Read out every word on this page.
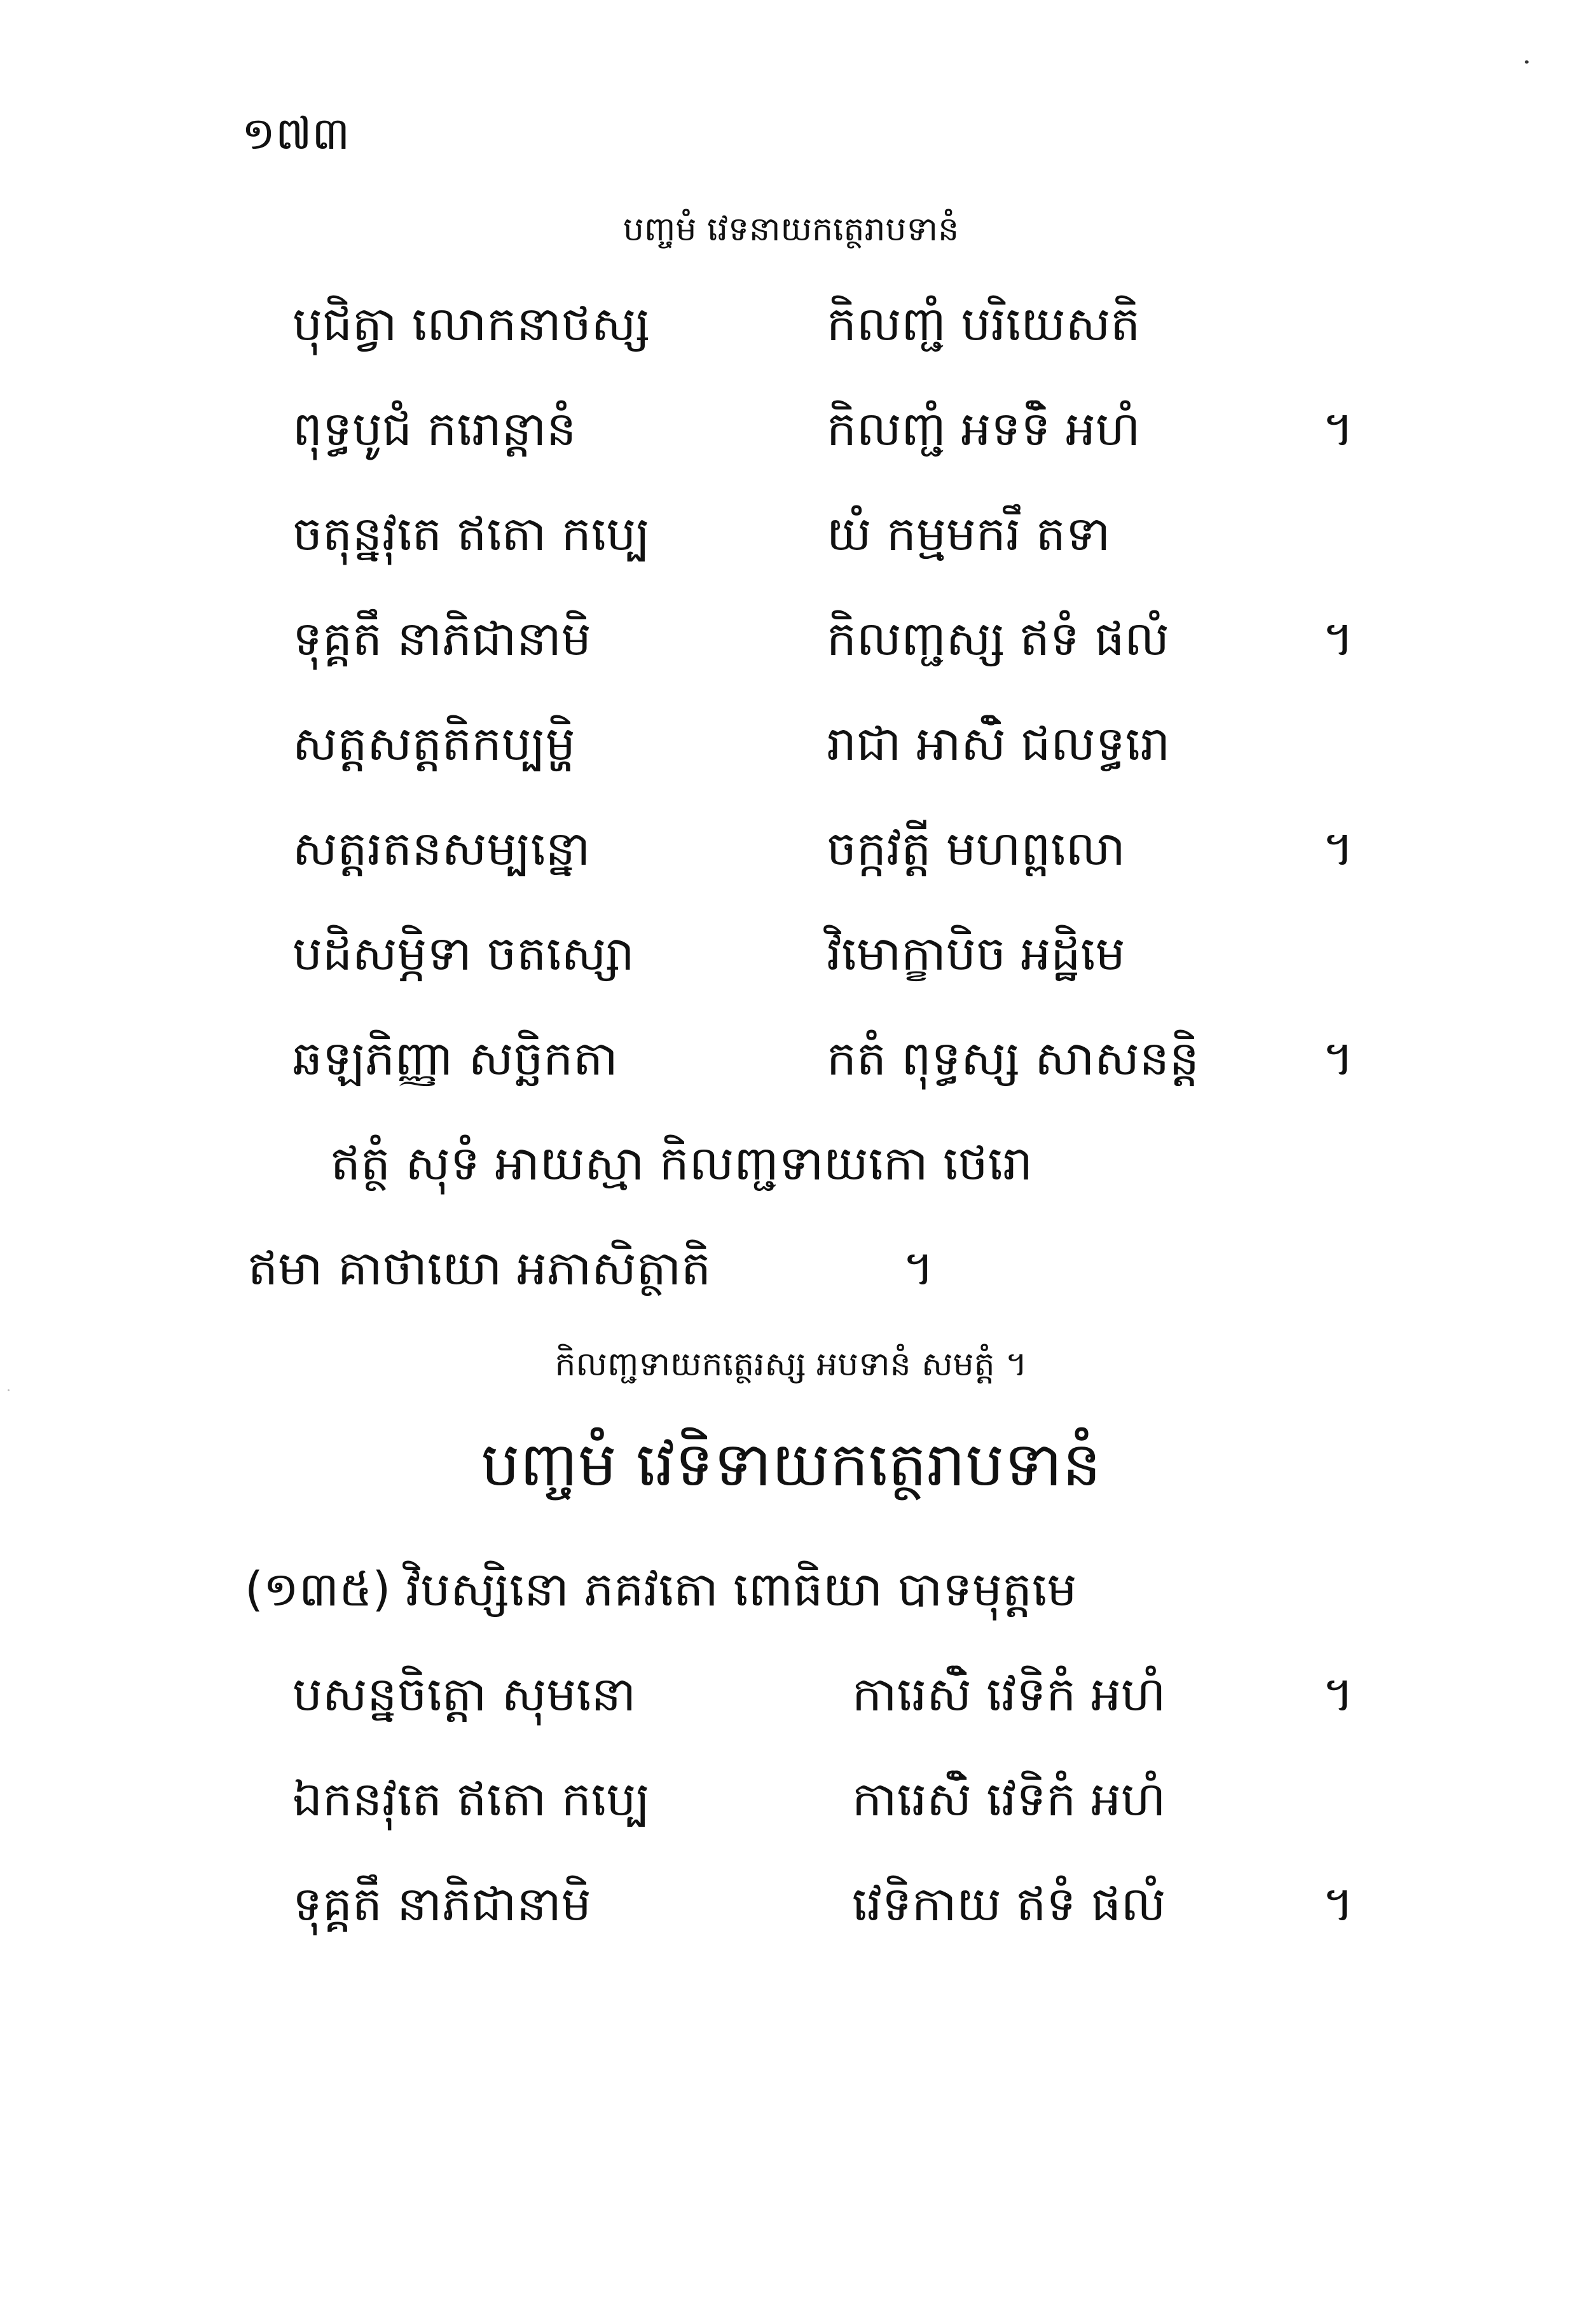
១៧៣
បញ្ចមំ វេទនាយកត្ថេរាបទានំ
បុជិត្វា លោកនាថស្ស	កិលញ្ជំ បរិយេសតិ
ពុទ្ធបូជំ ករោន្ដានំ	កិលញ្ជំ អទទិំ អហំ	។
ចតុន្នវុតេ ឥតោ កប្បេ	យំ កម្មមករឹ តទា
ទុគ្គតឹ នាភិជានាមិ	កិលញ្ជស្ស ឥទំ ផលំ	។
សត្តសត្តតិកប្បម្ហិ	រាជា អាសិំ ជលទ្ធរោ
សត្តរតនសម្បន្នោ	ចក្កវត្តី មហព្ពលោ	។
បដិសម្ភិទា ចតស្សោ	វិមោក្ខាបិច អដ្ឋិមេ
ឆឡភិញ្ញា សច្ឆិកតា	កតំ ពុទ្ធស្ស សាសនន្ដិ	។
ឥត្ថំ សុទំ អាយស្មា កិលញ្ជទាយកោ ថេរោ
ឥមា គាថាយោ អភាសិត្ថាតិ	។
កិលញ្ជទាយកត្ថេរស្ស អបទានំ សមត្តំ ។
បញ្ចមំ វេទិទាយកត្ថេរាបទានំ
(១៣៥) វិបស្សិនោ ភគវតោ ពោធិយា បាទមុត្តមេ
បសន្នចិត្តោ សុមនោ	ការេសិំ វេទិកំ អហំ	។
ឯកនវុតេ ឥតោ កប្បេ	ការេសិំ វេទិកំ អហំ
ទុគ្គតឹ នាភិជានាមិ	វេទិកាយ ឥទំ ផលំ	។
